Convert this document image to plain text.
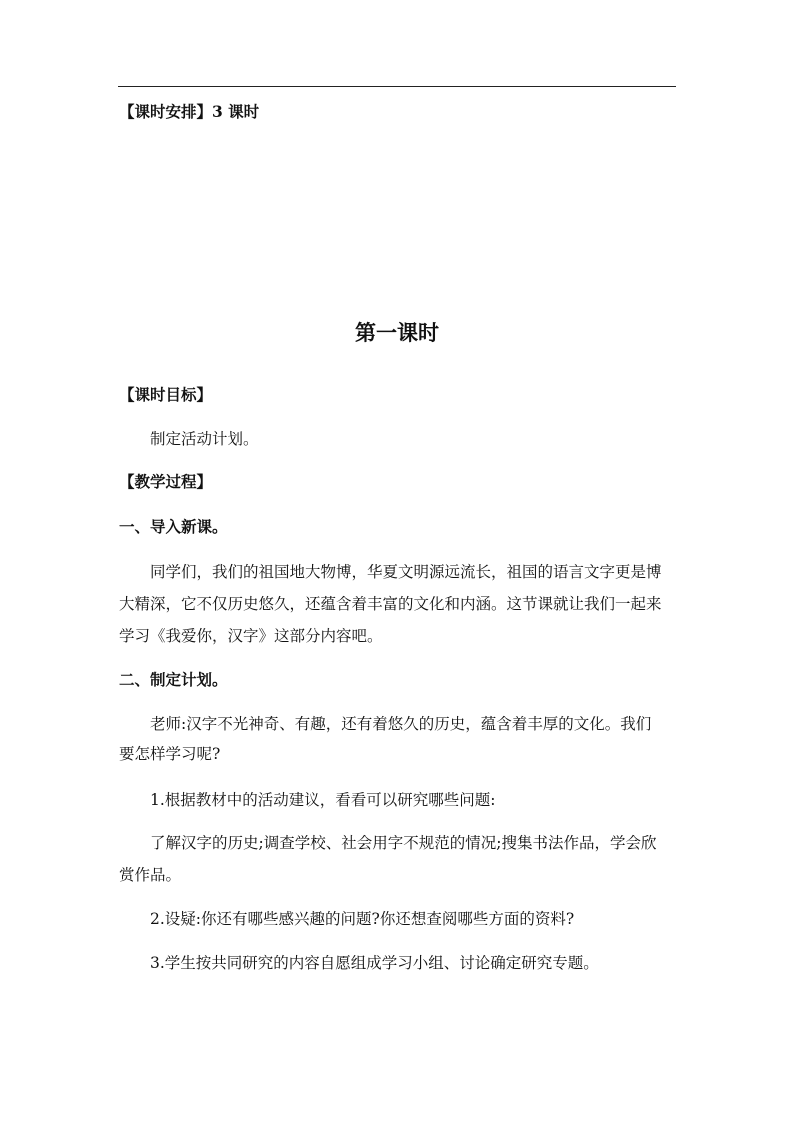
【课时安排】3 课时
第一课时
【课时目标】
制定活动计划。
【教学过程】
一、导入新课。
同学们，我们的祖国地大物博，华夏文明源远流长，祖国的语言文字更是博
大精深，它不仅历史悠久，还蕴含着丰富的文化和内涵。这节课就让我们一起来
学习《我爱你，汉字》这部分内容吧。
二、制定计划。
老师:汉字不光神奇、有趣，还有着悠久的历史，蕴含着丰厚的文化。我们
要怎样学习呢?
1.根据教材中的活动建议，看看可以研究哪些问题:
了解汉字的历史;调查学校、社会用字不规范的情况;搜集书法作品，学会欣
赏作品。
2.设疑:你还有哪些感兴趣的问题?你还想查阅哪些方面的资料?
3.学生按共同研究的内容自愿组成学习小组、讨论确定研究专题。
